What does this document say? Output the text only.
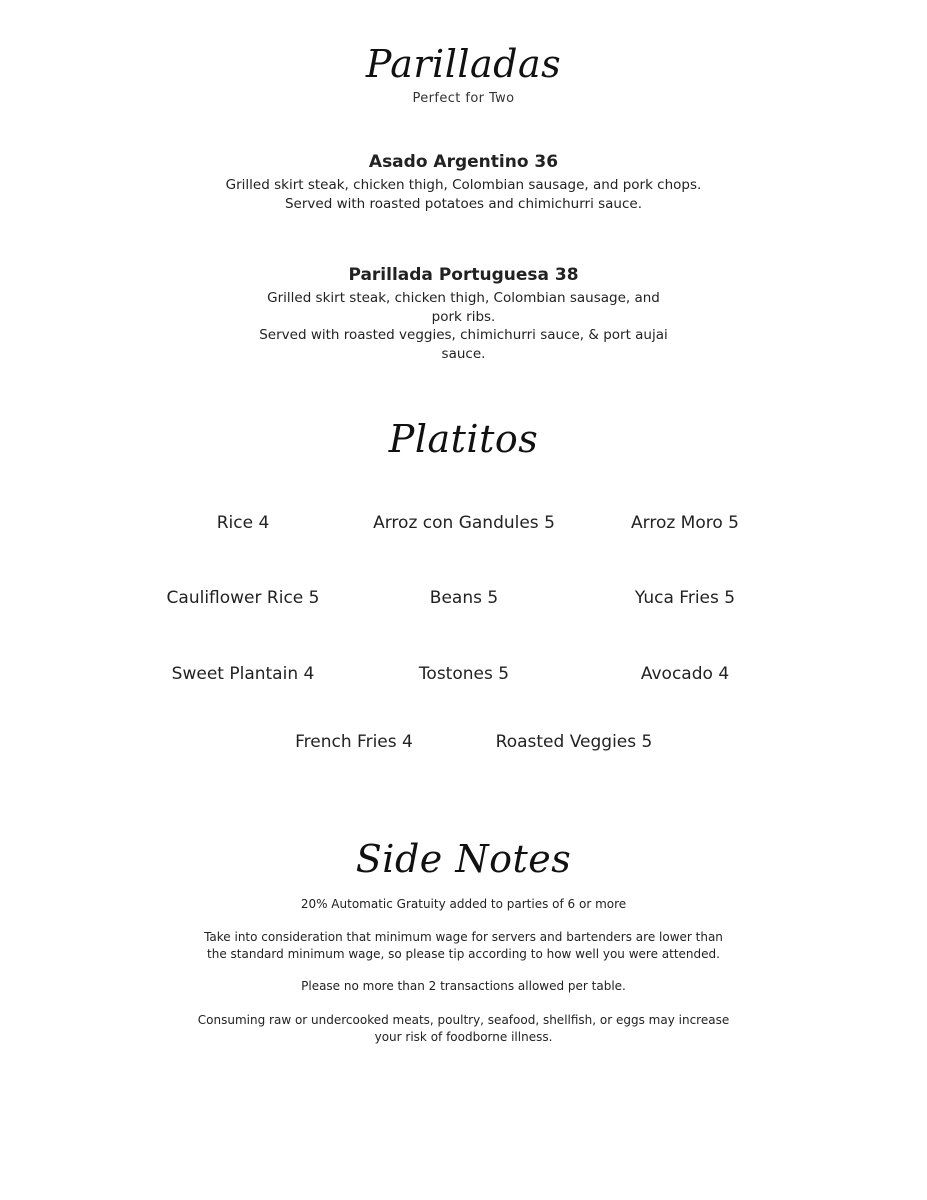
Parilladas
Perfect for Two
Asado Argentino 36
Grilled skirt steak, chicken thigh, Colombian sausage, and pork chops.
Served with roasted potatoes and chimichurri sauce.
Parillada Portuguesa 38
Grilled skirt steak, chicken thigh, Colombian sausage, and
pork ribs.
Served with roasted veggies, chimichurri sauce, & port aujai
sauce.
Platitos
Rice 4	Arroz con Gandules 5	Arroz Moro 5
Cauliflower Rice 5	Beans 5	Yuca Fries 5
Sweet Plantain 4	Tostones 5	Avocado 4
French Fries 4	Roasted Veggies 5
Side Notes
20% Automatic Gratuity added to parties of 6 or more
Take into consideration that minimum wage for servers and bartenders are lower than
the standard minimum wage, so please tip according to how well you were attended.
Please no more than 2 transactions allowed per table.
Consuming raw or undercooked meats, poultry, seafood, shellfish, or eggs may increase
your risk of foodborne illness.
